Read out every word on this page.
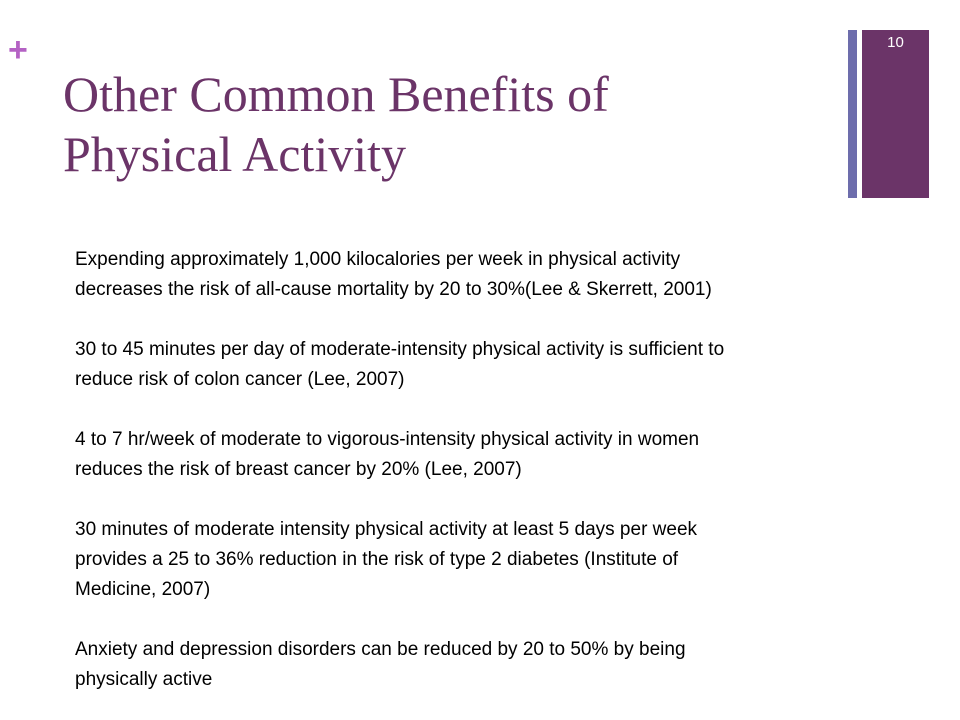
+
Other Common Benefits of
Physical Activity
10

Expending approximately 1,000 kilocalories per week in physical activity
decreases the risk of all-cause mortality by 20 to 30%(Lee & Skerrett, 2001)

30 to 45 minutes per day of moderate-intensity physical activity is sufficient to
reduce risk of colon cancer (Lee, 2007)

4 to 7 hr/week of moderate to vigorous-intensity physical activity in women
reduces the risk of breast cancer by 20% (Lee, 2007)

30 minutes of moderate intensity physical activity at least 5 days per week
provides a 25 to 36% reduction in the risk of type 2 diabetes (Institute of
Medicine, 2007)

Anxiety and depression disorders can be reduced by 20 to 50% by being
physically active
